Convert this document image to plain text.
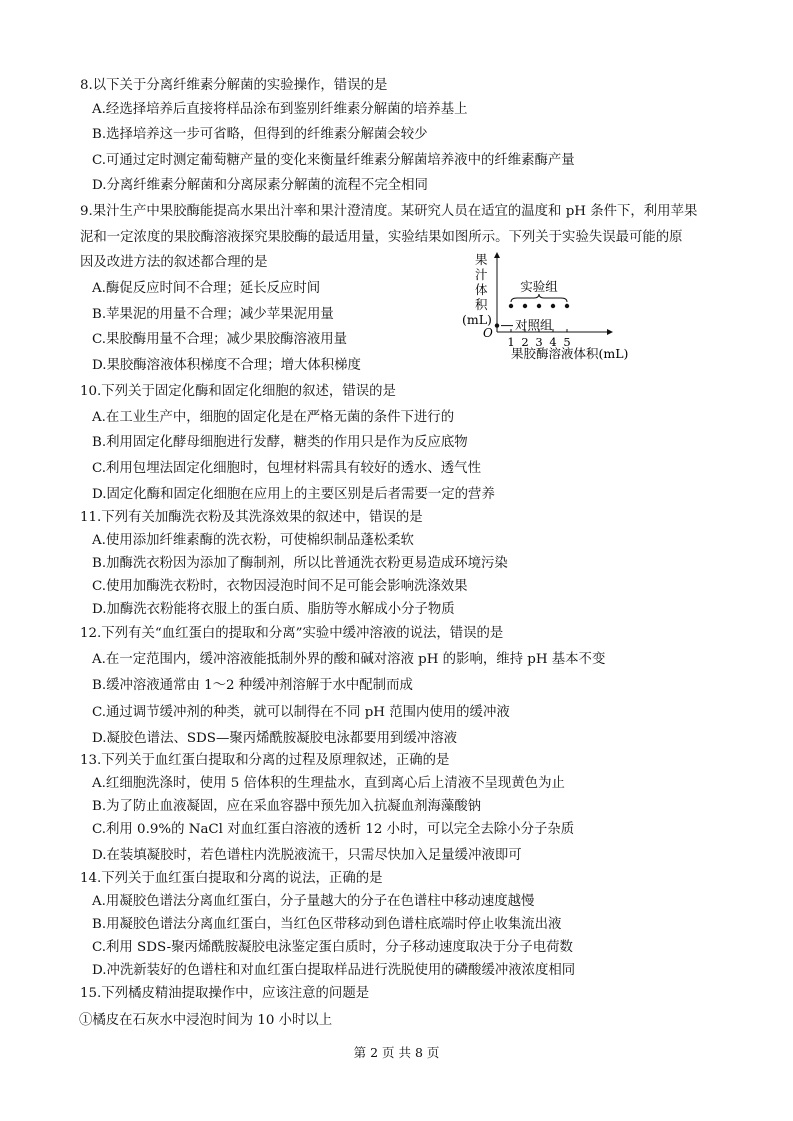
8.以下关于分离纤维素分解菌的实验操作，错误的是
A.经选择培养后直接将样品涂布到鉴别纤维素分解菌的培养基上
B.选择培养这一步可省略，但得到的纤维素分解菌会较少
C.可通过定时测定葡萄糖产量的变化来衡量纤维素分解菌培养液中的纤维素酶产量
D.分离纤维素分解菌和分离尿素分解菌的流程不完全相同
9.果汁生产中果胶酶能提高水果出汁率和果汁澄清度。某研究人员在适宜的温度和 pH 条件下，利用苹果
泥和一定浓度的果胶酶溶液探究果胶酶的最适用量，实验结果如图所示。下列关于实验失误最可能的原
因及改进方法的叙述都合理的是
A.酶促反应时间不合理；延长反应时间
B.苹果泥的用量不合理；减少苹果泥用量
C.果胶酶用量不合理；减少果胶酶溶液用量
D.果胶酶溶液体积梯度不合理；增大体积梯度
O
果
汁
体
积
(mL)
1 2 3 4 5
果胶酶溶液体积(mL)
实验组
对照组
10.下列关于固定化酶和固定化细胞的叙述，错误的是
A.在工业生产中，细胞的固定化是在严格无菌的条件下进行的
B.利用固定化酵母细胞进行发酵，糖类的作用只是作为反应底物
C.利用包埋法固定化细胞时，包埋材料需具有较好的透水、透气性
D.固定化酶和固定化细胞在应用上的主要区别是后者需要一定的营养
11.下列有关加酶洗衣粉及其洗涤效果的叙述中，错误的是
A.使用添加纤维素酶的洗衣粉，可使棉织制品蓬松柔软
B.加酶洗衣粉因为添加了酶制剂，所以比普通洗衣粉更易造成环境污染
C.使用加酶洗衣粉时，衣物因浸泡时间不足可能会影响洗涤效果
D.加酶洗衣粉能将衣服上的蛋白质、脂肪等水解成小分子物质
12.下列有关“血红蛋白的提取和分离”实验中缓冲溶液的说法，错误的是
A.在一定范围内，缓冲溶液能抵制外界的酸和碱对溶液 pH 的影响，维持 pH 基本不变
B.缓冲溶液通常由 1～2 种缓冲剂溶解于水中配制而成
C.通过调节缓冲剂的种类，就可以制得在不同 pH 范围内使用的缓冲液
D.凝胶色谱法、SDS—聚丙烯酰胺凝胶电泳都要用到缓冲溶液
13.下列关于血红蛋白提取和分离的过程及原理叙述，正确的是
A.红细胞洗涤时，使用 5 倍体积的生理盐水，直到离心后上清液不呈现黄色为止
B.为了防止血液凝固，应在采血容器中预先加入抗凝血剂海藻酸钠
C.利用 0.9%的 NaCl 对血红蛋白溶液的透析 12 小时，可以完全去除小分子杂质
D.在装填凝胶时，若色谱柱内洗脱液流干，只需尽快加入足量缓冲液即可
14.下列关于血红蛋白提取和分离的说法，正确的是
A.用凝胶色谱法分离血红蛋白，分子量越大的分子在色谱柱中移动速度越慢
B.用凝胶色谱法分离血红蛋白，当红色区带移动到色谱柱底端时停止收集流出液
C.利用 SDS-聚丙烯酰胺凝胶电泳鉴定蛋白质时，分子移动速度取决于分子电荷数
D.冲洗新装好的色谱柱和对血红蛋白提取样品进行洗脱使用的磷酸缓冲液浓度相同
15.下列橘皮精油提取操作中，应该注意的问题是
①橘皮在石灰水中浸泡时间为 10 小时以上
第 2 页 共 8 页
